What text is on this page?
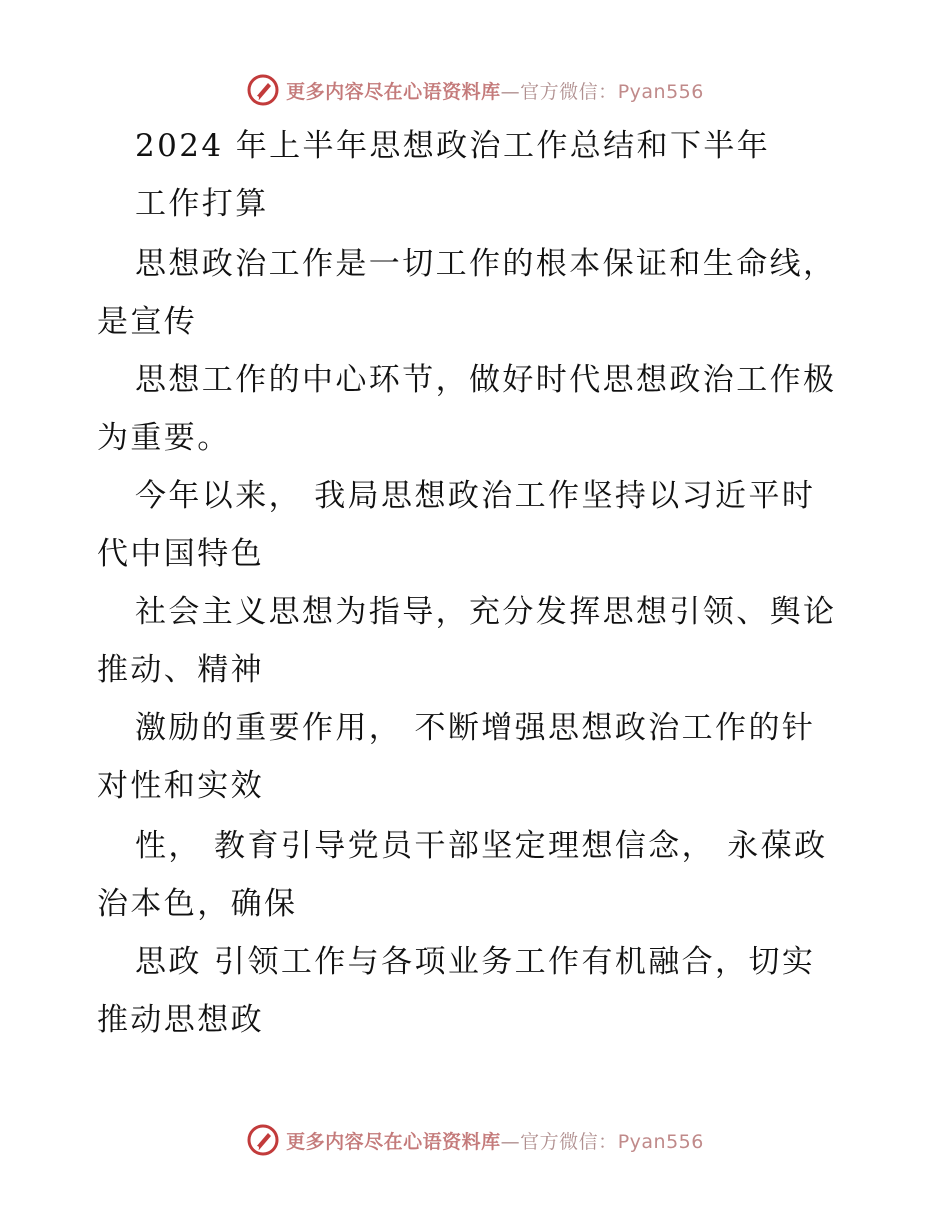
更多内容尽在心语资料库—官方微信：Pyan556
2024 年上半年思想政治工作总结和下半年
工作打算
思想政治工作是一切工作的根本保证和生命线，
是宣传
思想工作的中心环节，做好时代思想政治工作极
为重要。
今年以来， 我局思想政治工作坚持以习近平时
代中国特色
社会主义思想为指导，充分发挥思想引领、舆论
推动、精神
激励的重要作用， 不断增强思想政治工作的针
对性和实效
性， 教育引导党员干部坚定理想信念， 永葆政
治本色，确保
思政 引领工作与各项业务工作有机融合，切实
推动思想政
更多内容尽在心语资料库—官方微信：Pyan556
